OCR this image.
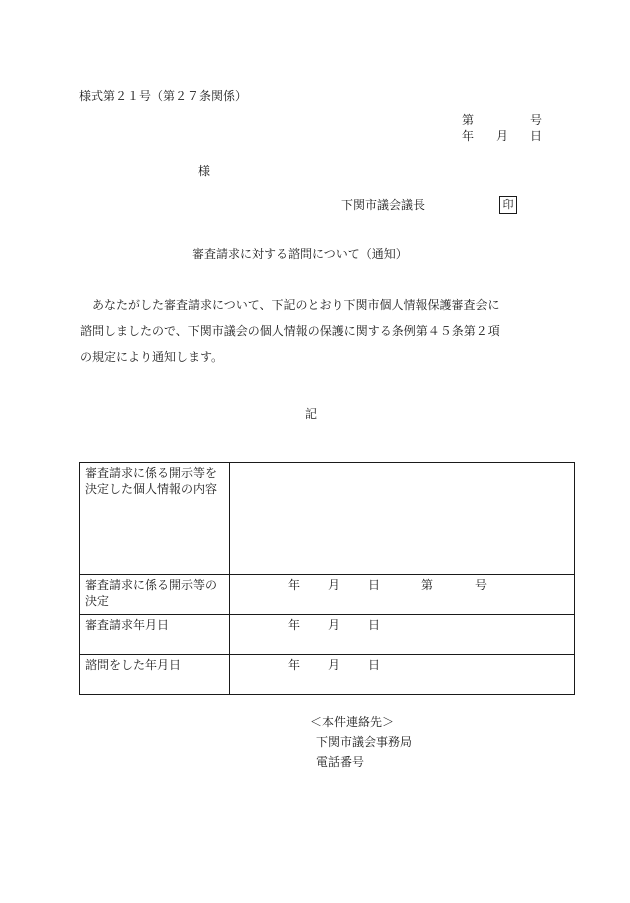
様式第２１号（第２７条関係）
第	号
年 月 日
様
下関市議会議長	印
審査請求に対する諮問について（通知）

　あなたがした審査請求について、下記のとおり下関市個人情報保護審査会に

諮問しましたので、下関市議会の個人情報の保護に関する条例第４５条第２項

の規定により通知します。

記
審査請求に係る開示等を決定した個人情報の内容	
審査請求に係る開示等の決定	年 月 日 第 号

審査請求年月日	年 月 日

諮問をした年月日	年 月 日
＜本件連絡先＞
下関市議会事務局
電話番号
